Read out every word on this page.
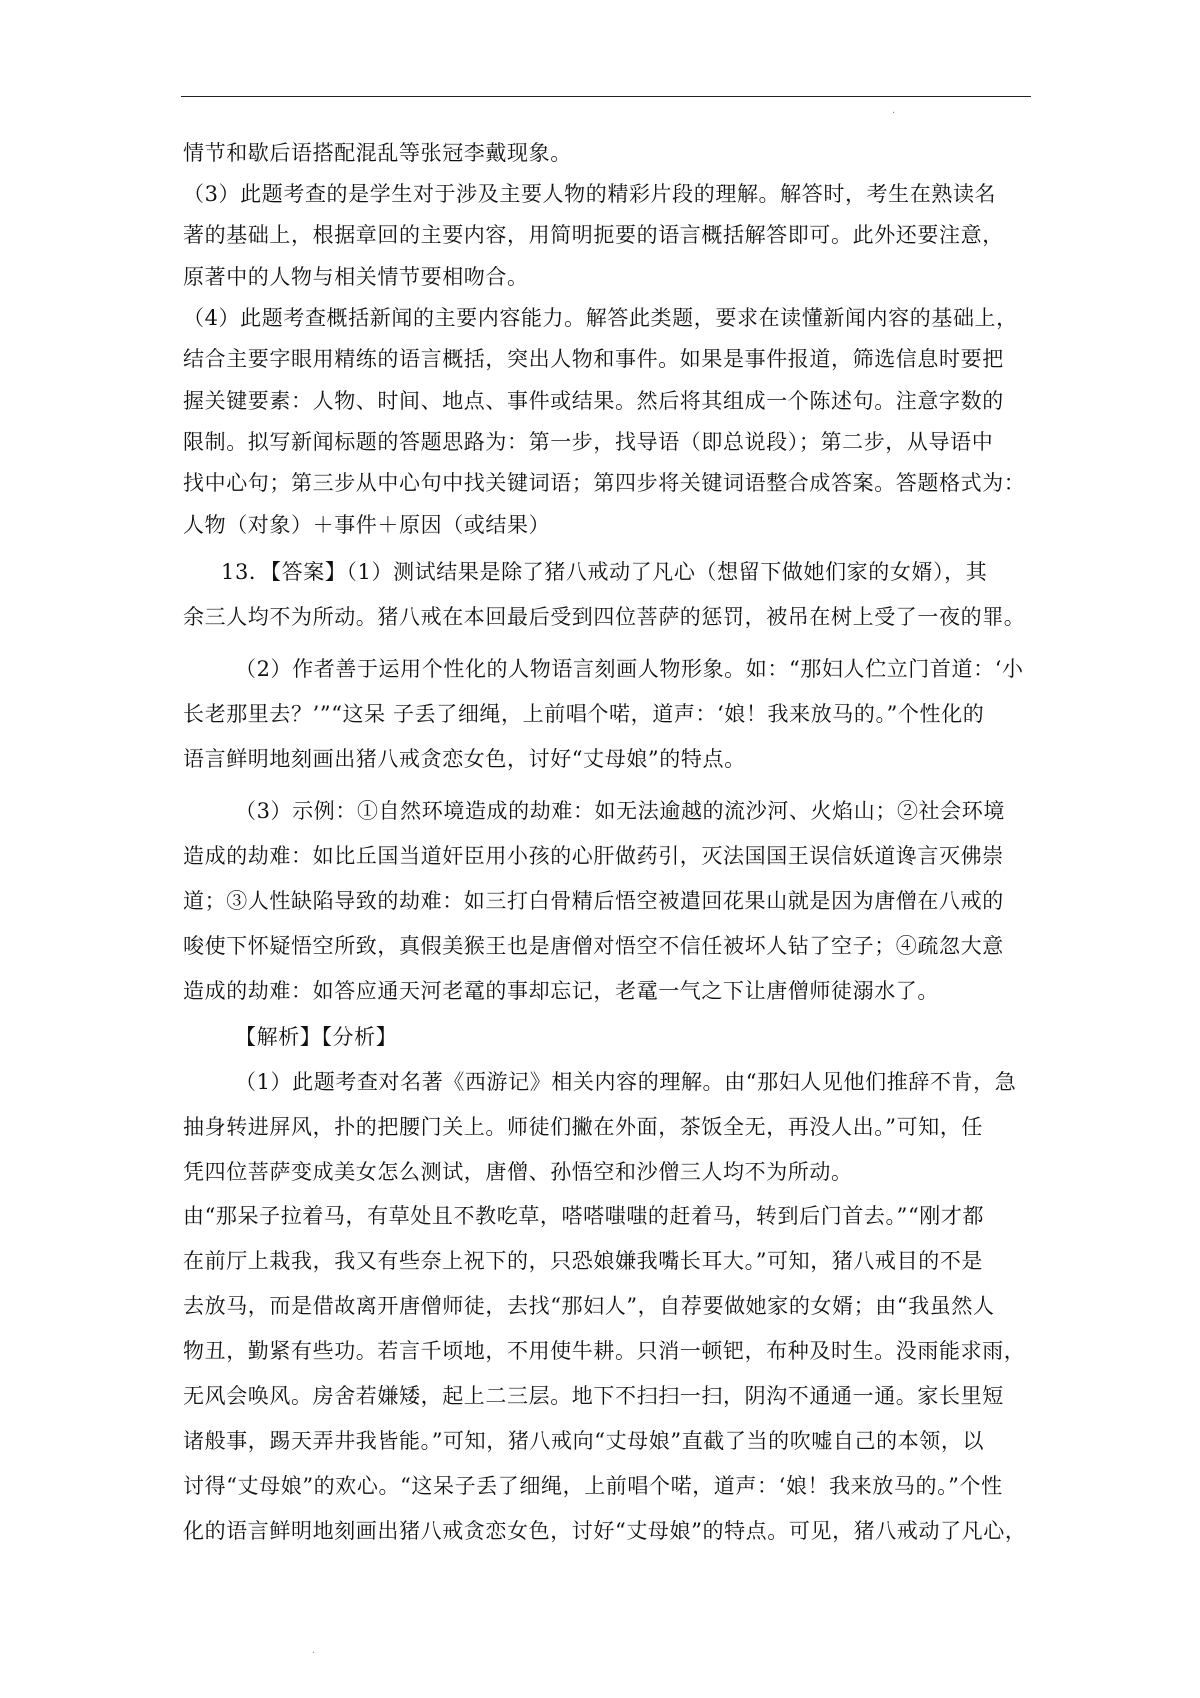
·
情节和歇后语搭配混乱等张冠李戴现象。
（3）此题考查的是学生对于涉及主要人物的精彩片段的理解。解答时，考生在熟读名
著的基础上，根据章回的主要内容，用简明扼要的语言概括解答即可。此外还要注意，
原著中的人物与相关情节要相吻合。
（4）此题考查概括新闻的主要内容能力。解答此类题，要求在读懂新闻内容的基础上，
结合主要字眼用精练的语言概括，突出人物和事件。如果是事件报道，筛选信息时要把
握关键要素：人物、时间、地点、事件或结果。然后将其组成一个陈述句。注意字数的
限制。拟写新闻标题的答题思路为：第一步，找导语（即总说段）；第二步，从导语中
找中心句；第三步从中心句中找关键词语；第四步将关键词语整合成答案。答题格式为：
人物（对象）＋事件＋原因（或结果）
13．【答案】（1）测试结果是除了猪八戒动了凡心（想留下做她们家的女婿），其
余三人均不为所动。猪八戒在本回最后受到四位菩萨的惩罚，被吊在树上受了一夜的罪。
（2）作者善于运用个性化的人物语言刻画人物形象。如：“那妇人伫立门首道：‘小
长老那里去？’”“这呆 子丢了细绳，上前唱个喏，道声：‘娘！我来放马的。”个性化的
语言鲜明地刻画出猪八戒贪恋女色，讨好“丈母娘”的特点。
（3）示例：①自然环境造成的劫难：如无法逾越的流沙河、火焰山；②社会环境
造成的劫难：如比丘国当道奸臣用小孩的心肝做药引，灭法国国王误信妖道谗言灭佛崇
道；③人性缺陷导致的劫难：如三打白骨精后悟空被遣回花果山就是因为唐僧在八戒的
唆使下怀疑悟空所致，真假美猴王也是唐僧对悟空不信任被坏人钻了空子；④疏忽大意
造成的劫难：如答应通天河老鼋的事却忘记，老鼋一气之下让唐僧师徒溺水了。
【解析】【分析】
（1）此题考查对名著《西游记》相关内容的理解。由“那妇人见他们推辞不肯，急
抽身转进屏风，扑的把腰门关上。师徒们撇在外面，茶饭全无，再没人出。”可知，任
凭四位菩萨变成美女怎么测试，唐僧、孙悟空和沙僧三人均不为所动。
由“那呆子拉着马，有草处且不教吃草，嗒嗒嗤嗤的赶着马，转到后门首去。”“刚才都
在前厅上栽我，我又有些奈上祝下的，只恐娘嫌我嘴长耳大。”可知，猪八戒目的不是
去放马，而是借故离开唐僧师徒，去找“那妇人”，自荐要做她家的女婿；由“我虽然人
物丑，勤紧有些功。若言千顷地，不用使牛耕。只消一顿钯，布种及时生。没雨能求雨，
无风会唤风。房舍若嫌矮，起上二三层。地下不扫扫一扫，阴沟不通通一通。家长里短
诸般事，踢天弄井我皆能。”可知，猪八戒向“丈母娘”直截了当的吹嘘自己的本领，以
讨得“丈母娘”的欢心。“这呆子丢了细绳，上前唱个喏，道声：‘娘！我来放马的。”个性
化的语言鲜明地刻画出猪八戒贪恋女色，讨好“丈母娘”的特点。可见，猪八戒动了凡心，
·
